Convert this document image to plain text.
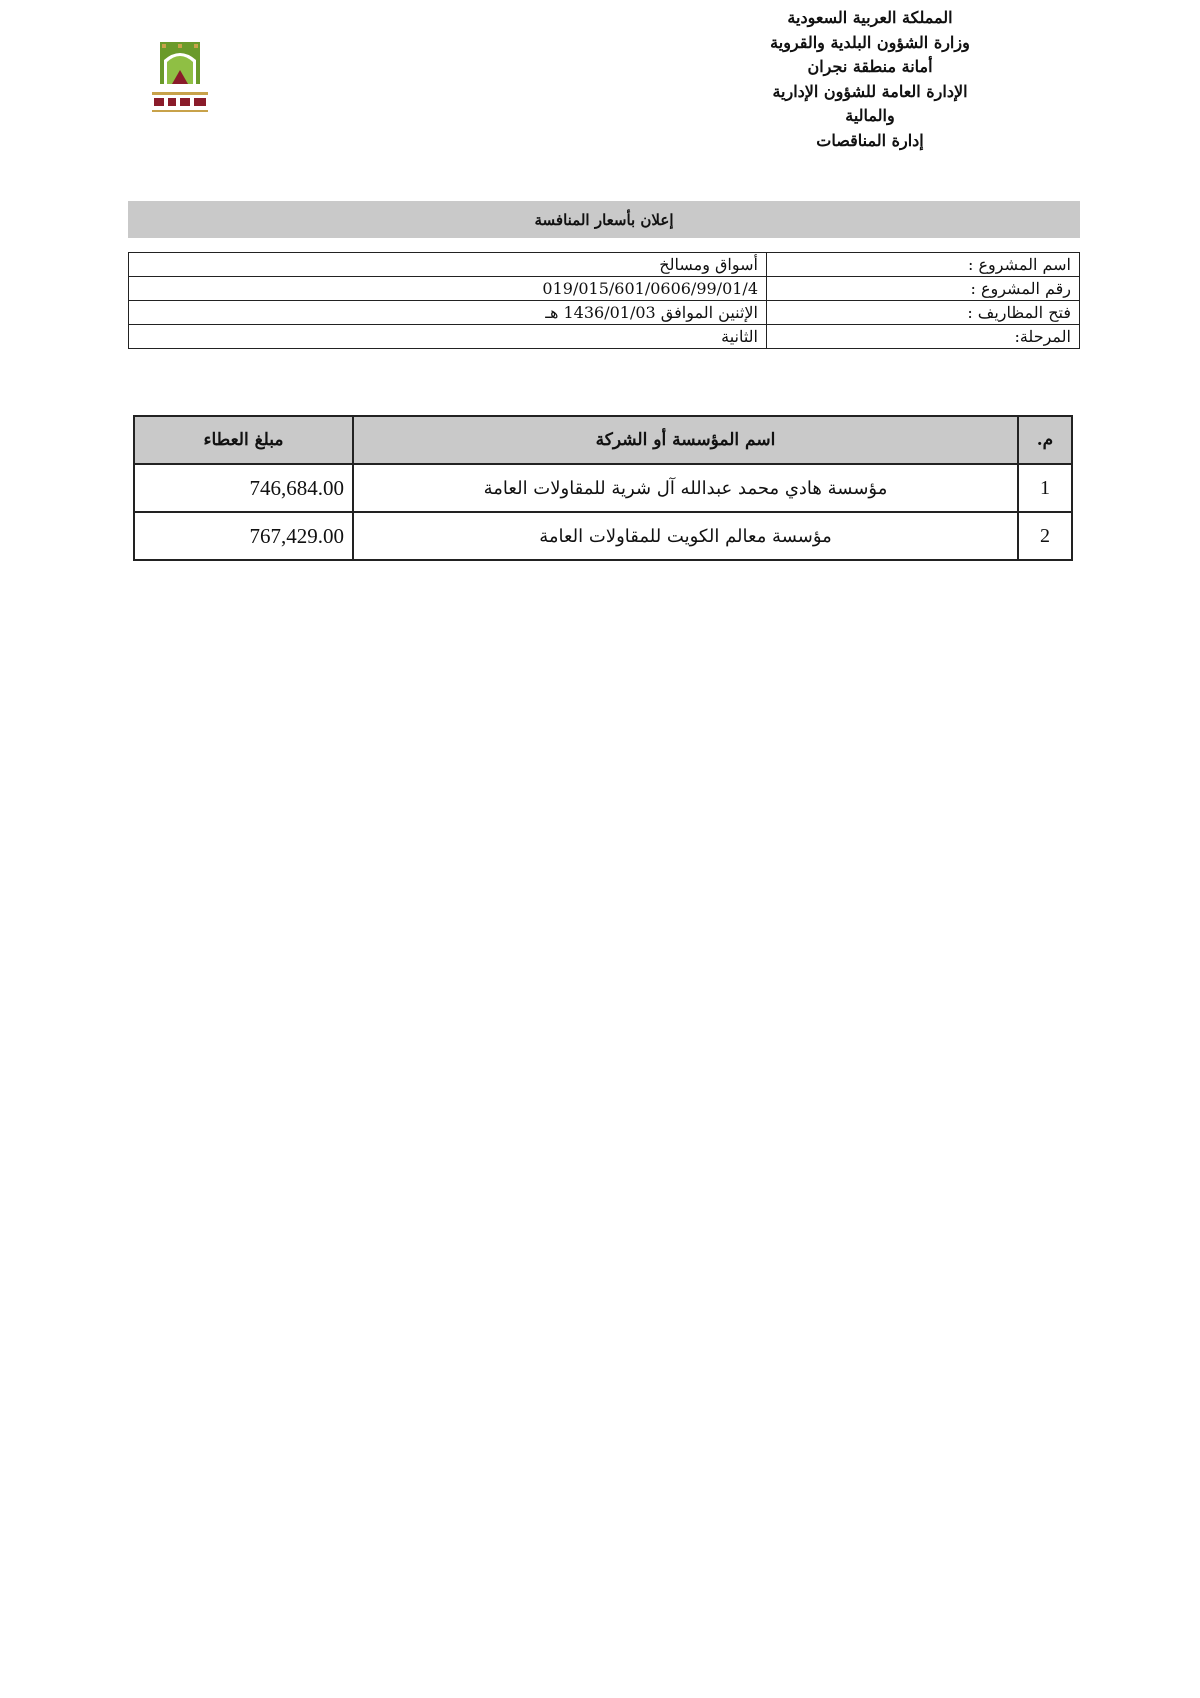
المملكة العربية السعودية
وزارة الشؤون البلدية والقروية
أمانة منطقة نجران
الإدارة العامة للشؤون الإدارية
والمالية
إدارة المناقصات
إعلان بأسعار المنافسة
اسم المشروع :	أسواق ومسالخ
رقم المشروع :	019/015/601/0606/99/01/4
فتح المظاريف :	الإثنين الموافق 1436/01/03 هـ
المرحلة:	الثانية
م.	اسم المؤسسة أو الشركة	مبلغ العطاء
1	مؤسسة هادي محمد عبدالله آل شرية للمقاولات العامة	746,684.00
2	مؤسسة معالم الكويت للمقاولات العامة	767,429.00
